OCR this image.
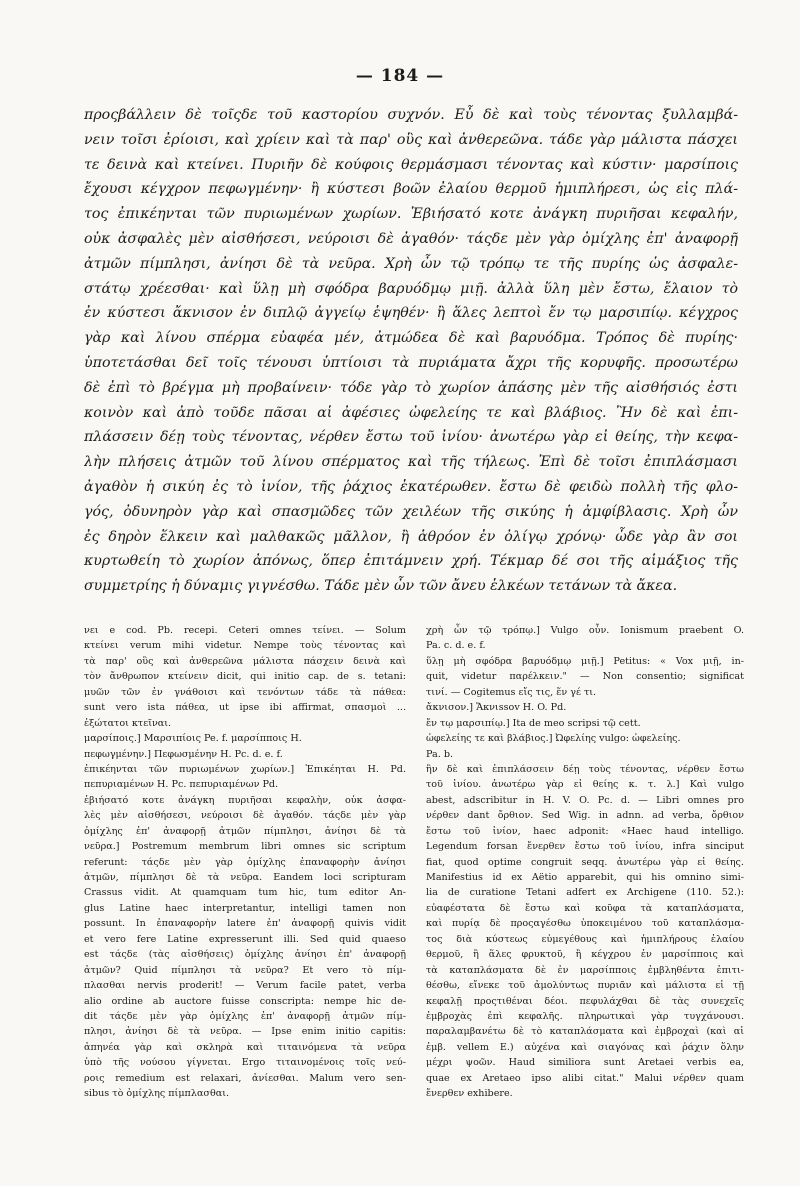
— 184 —
προςβάλλειν δὲ τοῖςδε τοῦ καστορίου συχνόν. Εὖ δὲ καὶ τοὺς τένοντας ξυλλαμβά-
νειν τοῖσι ἐρίοισι, καὶ χρίειν καὶ τὰ παρ' οὓς καὶ ἀνθερεῶνα. τάδε γὰρ μάλιστα πάσχει
τε δεινὰ καὶ κτείνει. Πυριῆν δὲ κούφοις θερμάσμασι τένοντας καὶ κύστιν· μαρσίποις
ἔχουσι κέγχρον πεφωγμένην· ἢ κύστεσι βοῶν ἐλαίου θερμοῦ ἡμιπλήρεσι, ὡς εἰς πλά-
τος ἐπικέηνται τῶν πυριωμένων χωρίων. Ἐβιήσατό κοτε ἀνάγκη πυριῆσαι κεφαλήν,
οὐκ ἀσφαλὲς μὲν αἰσθήσεσι, νεύροισι δὲ ἀγαθόν· τάςδε μὲν γὰρ ὀμίχλης ἐπ' ἀναφορῇ
ἀτμῶν πίμπλησι, ἀνίησι δὲ τὰ νεῦρα. Χρὴ ὦν τῷ τρόπῳ τε τῆς πυρίης ὡς ἀσφαλε-
στάτῳ χρέεσθαι· καὶ ὕλῃ μὴ σφόδρα βαρυόδμῳ μιῇ. ἀλλὰ ὕλη μὲν ἔστω, ἔλαιον τὸ
ἐν κύστεσι ἄκνισον ἐν διπλῷ ἀγγείῳ ἑψηθέν· ἢ ἅλες λεπτοὶ ἔν τῳ μαρσιπίῳ. κέγχρος
γὰρ καὶ λίνου σπέρμα εὐαφέα μέν, ἀτμώδεα δὲ καὶ βαρυόδμα. Τρόπος δὲ πυρίης·
ὑποτετάσθαι δεῖ τοῖς τένουσι ὑπτίοισι τὰ πυριάματα ἄχρι τῆς κορυφῆς. προσωτέρω
δὲ ἐπὶ τὸ βρέγμα μὴ προβαίνειν· τόδε γὰρ τὸ χωρίον ἁπάσης μὲν τῆς αἰσθήσιός ἐστι
κοινὸν καὶ ἀπὸ τοῦδε πᾶσαι αἱ ἀφέσιες ὠφελείης τε καὶ βλάβιος. Ἢν δὲ καὶ ἐπι-
πλάσσειν δέῃ τοὺς τένοντας, νέρθεν ἔστω τοῦ ἰνίου· ἀνωτέρω γὰρ εἰ θείης, τὴν κεφα-
λὴν πλήσεις ἀτμῶν τοῦ λίνου σπέρματος καὶ τῆς τήλεως. Ἐπὶ δὲ τοῖσι ἐπιπλάσμασι
ἀγαθὸν ἡ σικύη ἐς τὸ ἰνίον, τῆς ῥάχιος ἑκατέρωθεν. ἔστω δὲ φειδὼ πολλὴ τῆς φλο-
γός, ὀδυνηρὸν γὰρ καὶ σπασμῶδες τῶν χειλέων τῆς σικύης ἡ ἀμφίβλασις. Χρὴ ὦν
ἐς δηρὸν ἕλκειν καὶ μαλθακῶς μᾶλλον, ἢ ἁθρόον ἐν ὀλίγῳ χρόνῳ· ὧδε γὰρ ἂν σοι
κυρτωθείη τὸ χωρίον ἀπόνως, ὅπερ ἐπιτάμνειν χρή. Τέκμαρ δέ σοι τῆς αἱμάξιος τῆς
συμμετρίης ἡ δύναμις γιγνέσθω. Τάδε μὲν ὦν τῶν ἄνευ ἑλκέων τετάνων τὰ ἄκεα.
νει e cod. Pb. recepi. Ceteri omnes τείνει. — Solum
κτείνει verum mihi videtur. Nempe τοὺς τένοντας καὶ
τὰ παρ' οὓς καὶ ἀνθερεῶνα μάλιστα πάσχειν δεινὰ καὶ
τὸν ἄνθρωπον κτείνειν dicit, qui initio cap. de s. tetani:
μυῶν τῶν ἐν γνάθοισι καὶ τενόντων τάδε τὰ πάθεα:
sunt vero ista πάθεα, ut ipse ibi affirmat, σπασμοὶ ...
ἐξώτατοι κτεῖναι.
μαρσίποις.] Μαρσιπίοις Pe. f. μαρσίπποις H.
πεφωγμένην.] Πεφωσμένην H. Pc. d. e. f.
ἐπικέηνται τῶν πυριωμένων χωρίων.] Ἐπικέηται H. Pd.
πεπυριαμένων H. Pc. πεπυριαμένων Pd.
ἐβιήσατό κοτε ἀνάγκη πυριῆσαι κεφαλὴν, οὐκ ἀσφα-
λὲς μὲν αἰσθήσεσι, νεύροισι δὲ ἀγαθόν. τάςδε μὲν γὰρ
ὀμίχλης ἐπ' ἀναφορῇ ἀτμῶν πίμπλησι, ἀνίησι δὲ τὰ
νεῦρα.] Postremum membrum libri omnes sic scriptum
referunt: τάςδε μὲν γὰρ ὀμίχλης ἐπαναφορὴν ἀνίησι
ἀτμῶν, πίμπλησι δὲ τὰ νεῦρα. Eandem loci scripturam
Crassus vidit. At quamquam tum hic, tum editor An-
glus Latine haec interpretantur, intelligi tamen non
possunt. In ἐπαναφορὴν latere ἐπ' ἀναφορῇ quivis vidit
et vero fere Latine expresserunt illi. Sed quid quaeso
est τάςδε (τὰς αἰσθήσεις) ὀμίχλης ἀνίησι ἐπ' ἀναφορῇ
ἀτμῶν? Quid πίμπλησι τὰ νεῦρα? Et vero τὸ πίμ-
πλασθαι nervis proderit! — Verum facile patet, verba
alio ordine ab auctore fuisse conscripta: nempe hic de-
dit τάςδε μὲν γὰρ ὀμίχλης ἐπ' ἀναφορῇ ἀτμῶν πίμ-
πλησι, ἀνίησι δὲ τὰ νεῦρα. — Ipse enim initio capitis:
ἀπηνέα γὰρ καὶ σκληρὰ καὶ τιταινόμενα τὰ νεῦρα
ὑπὸ τῆς νούσου γίγνεται. Ergo τιταινομένοις τοῖς νεύ-
ροις remedium est relaxari, ἀνίεσθαι. Malum vero sen-
sibus τὸ ὀμίχλης πίμπλασθαι.
χρὴ ὦν τῷ τρόπῳ.] Vulgo οὖν. Ionismum praebent O.
Pa. c. d. e. f.
ὕλῃ μὴ σφόδρα βαρυόδμῳ μιῇ.] Petitus: « Vox μιῇ, in-
quit, videtur παρέλκειν." — Non consentio; significat
τινί. — Cogitemus εἴς τις, ἕν γέ τι.
ἄκνισον.] Ἄκνιssov H. O. Pd.
ἔν τῳ μαρσιπίῳ.] Ita de meo scripsi τῷ cett.
ὠφελείης τε καὶ βλάβιος.] Ὠφελίης vulgo: ὠφελείης.
Pa. b.
ἢν δὲ καὶ ἐπιπλάσσειν δέῃ τοὺς τένοντας, νέρθεν ἔστω
τοῦ ἰνίου. ἀνωτέρω γὰρ εἰ θείης κ. τ. λ.] Καὶ vulgo
abest, adscribitur in H. V. O. Pc. d. — Libri omnes pro
νέρθεν dant ὄρθιον. Sed Wig. in adnn. ad verba, ὄρθιον
ἔστω τοῦ ἰνίον, haec adponit: «Haec haud intelligo.
Legendum forsan ἔνερθεν ἔστω τοῦ ἰνίου, infra sinciput
fiat, quod optime congruit seqq. ἀνωτέρω γὰρ εἰ θείης.
Manifestius id ex Aëtio apparebit, qui his omnino simi-
lia de curatione Tetani adfert ex Archigene (110. 52.):
εὐαφέστατα δὲ ἔστω καὶ κοῦφα τὰ καταπλάσματα,
καὶ πυρίᾳ δὲ προςαγέσθω ὑποκειμένου τοῦ καταπλάσμα-
τος διὰ κύστεως εὐμεγέθους καὶ ἡμιπλήρους ἐλαίου
θερμοῦ, ἢ ἅλες φρυκτοῦ, ἢ κέγχρου ἐν μαρσίπποις καὶ
τὰ καταπλάσματα δὲ ἐν μαρσίπποις ἐμβληθέντα ἐπιτι-
θέσθω, εἴνεκε τοῦ ἀμολύντως πυριᾶν καὶ μάλιστα εἰ τῇ
κεφαλῇ προςτιθέναι δέοι. πεφυλάχθαι δὲ τὰς συνεχεῖς
ἐμβροχὰς ἐπὶ κεφαλῆς. πληρωτικαὶ γὰρ τυγχάνουσι.
παραλαμβανέτω δὲ τὸ καταπλάσματα καὶ ἐμβροχαὶ (καὶ αἱ
ἐμβ. vellem E.) αὐχένα καὶ σιαγόνας καὶ ῥάχιν ὅλην
μέχρι ψοῶν. Haud similiora sunt Aretaei verbis ea,
quae ex Aretaeo ipso alibi citat." Malui νέρθεν quam
ἔνερθεν exhibere.
